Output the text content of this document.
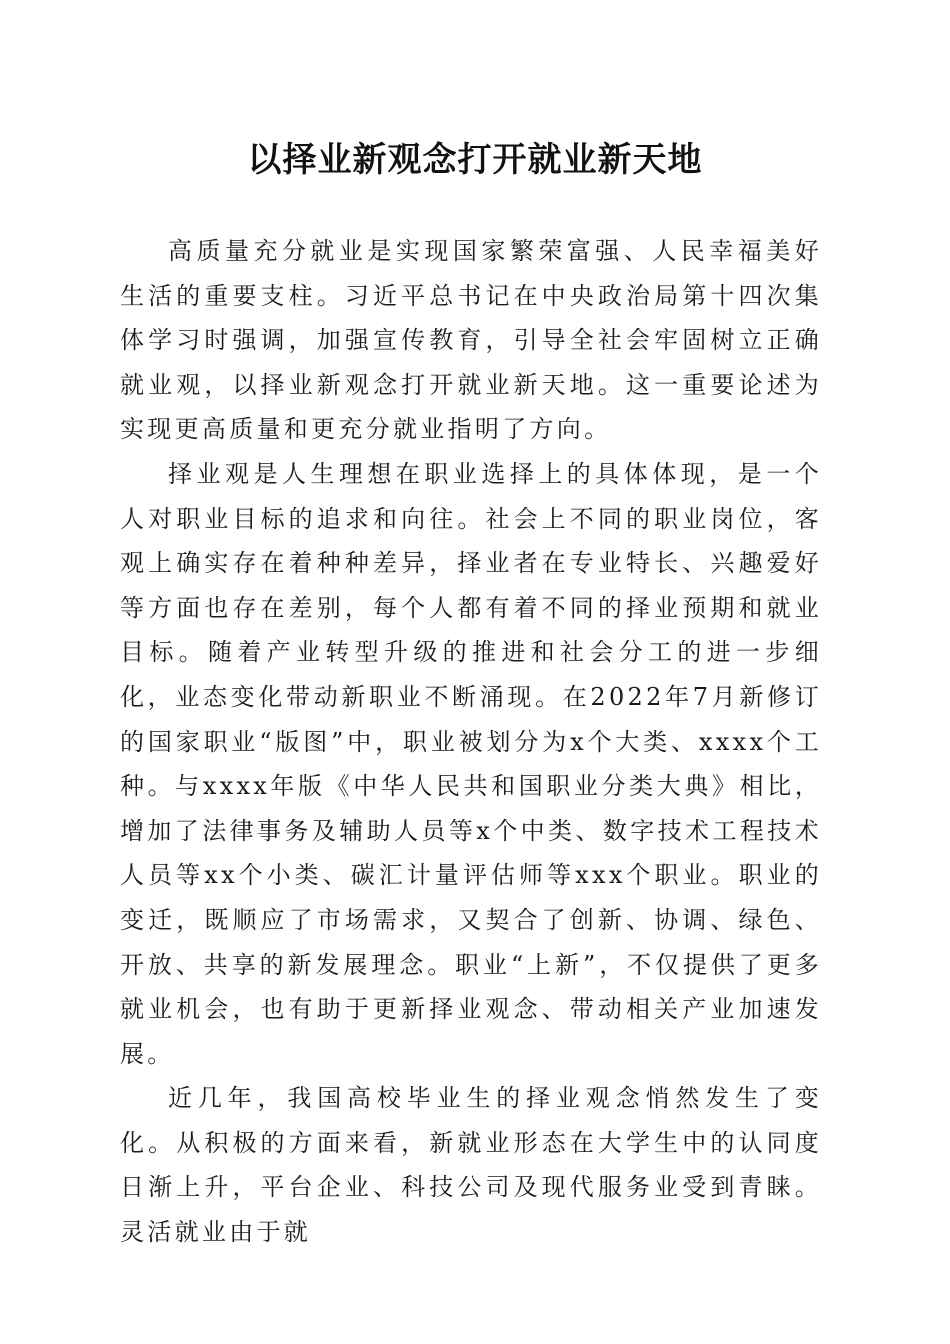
以择业新观念打开就业新天地

高质量充分就业是实现国家繁荣富强、人民幸福美好生活的重要支柱。习近平总书记在中央政治局第十四次集体学习时强调，加强宣传教育，引导全社会牢固树立正确就业观，以择业新观念打开就业新天地。这一重要论述为实现更高质量和更充分就业指明了方向。

择业观是人生理想在职业选择上的具体体现，是一个人对职业目标的追求和向往。社会上不同的职业岗位，客观上确实存在着种种差异，择业者在专业特长、兴趣爱好等方面也存在差别，每个人都有着不同的择业预期和就业目标。随着产业转型升级的推进和社会分工的进一步细化，业态变化带动新职业不断涌现。在2022年7月新修订的国家职业“版图”中，职业被划分为x个大类、xxxx个工种。与xxxx年版《中华人民共和国职业分类大典》相比，增加了法律事务及辅助人员等x个中类、数字技术工程技术人员等xx个小类、碳汇计量评估师等xxx个职业。职业的变迁，既顺应了市场需求，又契合了创新、协调、绿色、开放、共享的新发展理念。职业“上新”，不仅提供了更多就业机会，也有助于更新择业观念、带动相关产业加速发展。

近几年，我国高校毕业生的择业观念悄然发生了变化。从积极的方面来看，新就业形态在大学生中的认同度日渐上升，平台企业、科技公司及现代服务业受到青睐。灵活就业由于就
